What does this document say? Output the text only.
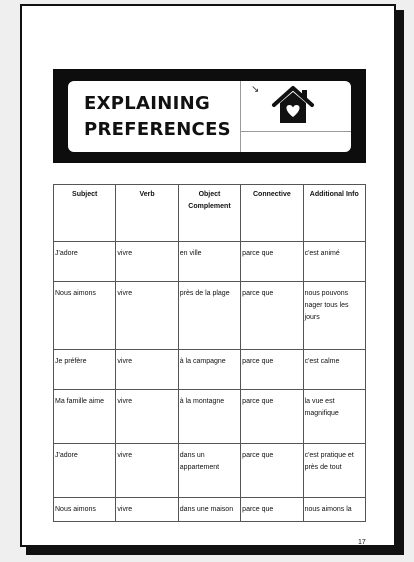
EXPLAINING
PREFERENCES
↘
Subject	Verb	Object Complement	Connective	Additional Info
J'adore	vivre	en ville	parce que	c'est animé
Nous aimons	vivre	près de la plage	parce que	nous pouvons nager tous les jours
Je préfère	vivre	à la campagne	parce que	c'est calme
Ma famille aime	vivre	à la montagne	parce que	la vue est magnifique
J'adore	vivre	dans un appartement	parce que	c'est pratique et près de tout
Nous aimons	vivre	dans une maison	parce que	nous aimons la
17
